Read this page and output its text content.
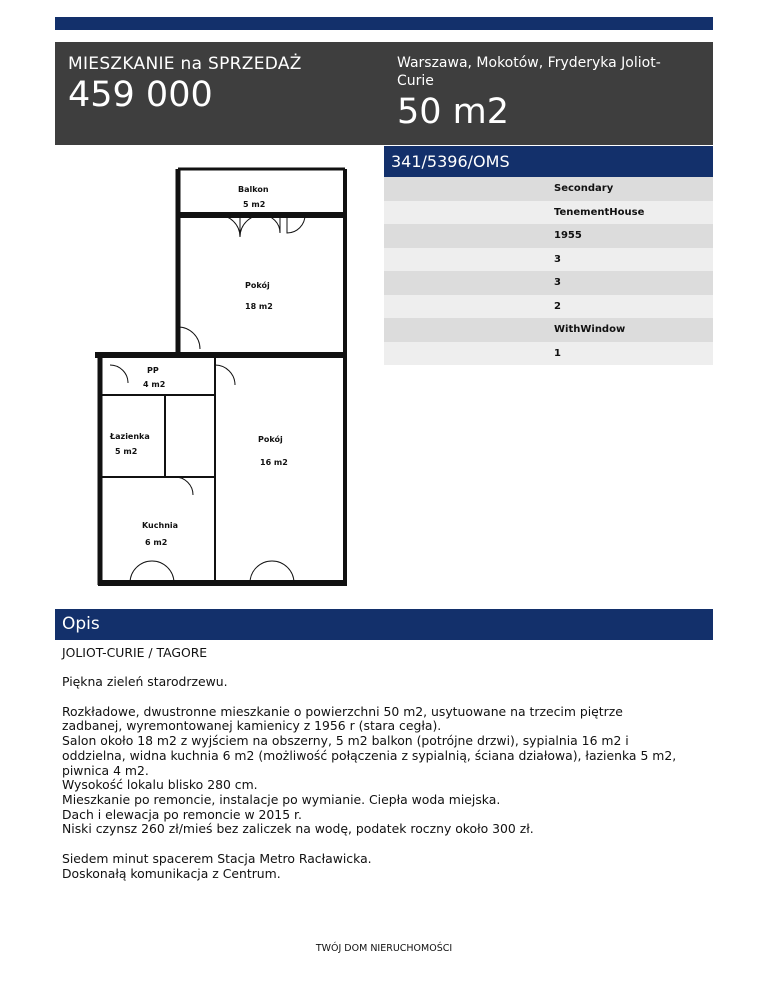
MIESZKANIE na SPRZEDAŻ
459 000
Warszawa, Mokotów, Fryderyka Joliot-Curie
50 m2
341/5396/OMS
Secondary
TenementHouse
1955
3
3
2
WithWindow
1
Balkon
5 m2
Pokój
18 m2
PP
4 m2
Łazienka
5 m2
Pokój
16 m2
Kuchnia
6 m2
Opis

JOLIOT-CURIE / TAGORE

Piękna zieleń starodrzewu.

Rozkładowe, dwustronne mieszkanie o powierzchni 50 m2, usytuowane na trzecim piętrze

zadbanej, wyremontowanej kamienicy z 1956 r (stara cegła).

Salon około 18 m2 z wyjściem na obszerny, 5 m2 balkon (potrójne drzwi), sypialnia 16 m2 i

oddzielna, widna kuchnia 6 m2 (możliwość połączenia z sypialnią, ściana działowa), łazienka 5 m2,

piwnica 4 m2.

Wysokość lokalu blisko 280 cm.

Mieszkanie po remoncie, instalacje po wymianie. Ciepła woda miejska.

Dach i elewacja po remoncie w 2015 r.

Niski czynsz 260 zł/mieś bez zaliczek na wodę, podatek roczny około 300 zł.

Siedem minut spacerem Stacja Metro Racławicka.

Doskonałą komunikacja z Centrum.

TWÓJ DOM NIERUCHOMOŚCI
